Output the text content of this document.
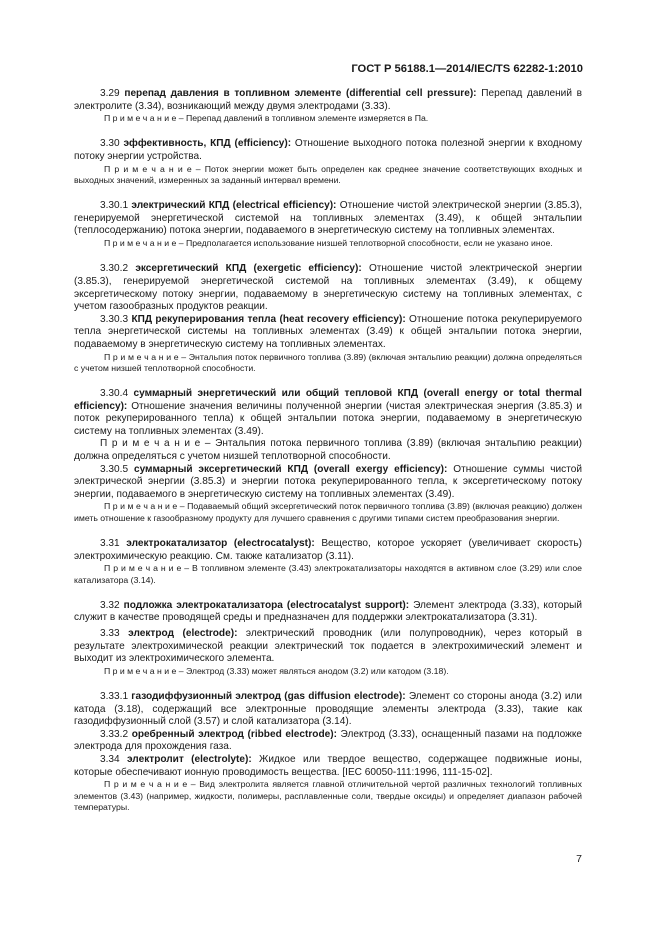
ГОСТ Р 56188.1—2014/IEC/TS 62282-1:2010

3.29 перепад давления в топливном элементе (differential cell pressure): Перепад давлений в электролите (3.34), возникающий между двумя электродами (3.33).

П р и м е ч а н и е – Перепад давлений в топливном элементе измеряется в Па.

3.30 эффективность, КПД (efficiency): Отношение выходного потока полезной энергии к входному потоку энергии устройства.

П р и м е ч а н и е – Поток энергии может быть определен как среднее значение соответствующих входных и выходных значений, измеренных за заданный интервал времени.

3.30.1 электрический КПД (electrical efficiency): Отношение чистой электрической энергии (3.85.3), генерируемой энергетической системой на топливных элементах (3.49), к общей энтальпии (теплосодержанию) потока энергии, подаваемого в энергетическую систему на топливных элементах.

П р и м е ч а н и е – Предполагается использование низшей теплотворной способности, если не указано иное.

3.30.2 эксергетический КПД (exergetic efficiency): Отношение чистой электрической энергии (3.85.3), генерируемой энергетической системой на топливных элементах (3.49), к общему эксергетическому потоку энергии, подаваемому в энергетическую систему на топливных элементах, с учетом газообразных продуктов реакции.

3.30.3 КПД рекуперирования тепла (heat recovery efficiency): Отношение потока рекуперируемого тепла энергетической системы на топливных элементах (3.49) к общей энтальпии потока энергии, подаваемому в энергетическую систему на топливных элементах.

П р и м е ч а н и е – Энтальпия поток первичного топлива (3.89) (включая энтальпию реакции) должна определяться с учетом низшей теплотворной способности.

3.30.4 суммарный энергетический или общий тепловой КПД (overall energy or total thermal efficiency): Отношение значения величины полученной энергии (чистая электрическая энергия (3.85.3) и поток рекуперированного тепла) к общей энтальпии потока энергии, подаваемому в энергетическую систему на топливных элементах (3.49).

П р и м е ч а н и е – Энтальпия потока первичного топлива (3.89) (включая энтальпию реакции) должна определяться с учетом низшей теплотворной способности.

3.30.5 суммарный эксергетический КПД (overall exergy efficiency): Отношение суммы чистой электрической энергии (3.85.3) и энергии потока рекуперированного тепла, к эксергетическому потоку энергии, подаваемого в энергетическую систему на топливных элементах (3.49).

П р и м е ч а н и е – Подаваемый общий эксергетический поток первичного топлива (3.89) (включая реакцию) должен иметь отношение к газообразному продукту для лучшего сравнения с другими типами систем преобразования энергии.

3.31 электрокатализатор (electrocatalyst): Вещество, которое ускоряет (увеличивает скорость) электрохимическую реакцию. См. также катализатор (3.11).

П р и м е ч а н и е – В топливном элементе (3.43) электрокатализаторы находятся в активном слое (3.29) или слое катализатора (3.14).

3.32 подложка электрокатализатора (electrocatalyst support): Элемент электрода (3.33), который служит в качестве проводящей среды и предназначен для поддержки электрокатализатора (3.31).

3.33 электрод (electrode): электрический проводник (или полупроводник), через который в результате электрохимической реакции электрический ток подается в электрохимический элемент и выходит из электрохимического элемента.

П р и м е ч а н и е – Электрод (3.33) может являться анодом (3.2) или катодом (3.18).

3.33.1 газодиффузионный электрод (gas diffusion electrode): Элемент со стороны анода (3.2) или катода (3.18), содержащий все электронные проводящие элементы электрода (3.33), такие как газодиффузионный слой (3.57) и слой катализатора (3.14).

3.33.2 оребренный электрод (ribbed electrode): Электрод (3.33), оснащенный пазами на подложке электрода для прохождения газа.

3.34 электролит (electrolyte): Жидкое или твердое вещество, содержащее подвижные ионы, которые обеспечивают ионную проводимость вещества. [IEC 60050-111:1996, 111-15-02].

П р и м е ч а н и е – Вид электролита является главной отличительной чертой различных технологий топливных элементов (3.43) (например, жидкости, полимеры, расплавленные соли, твердые оксиды) и определяет диапазон рабочей температуры.

7
